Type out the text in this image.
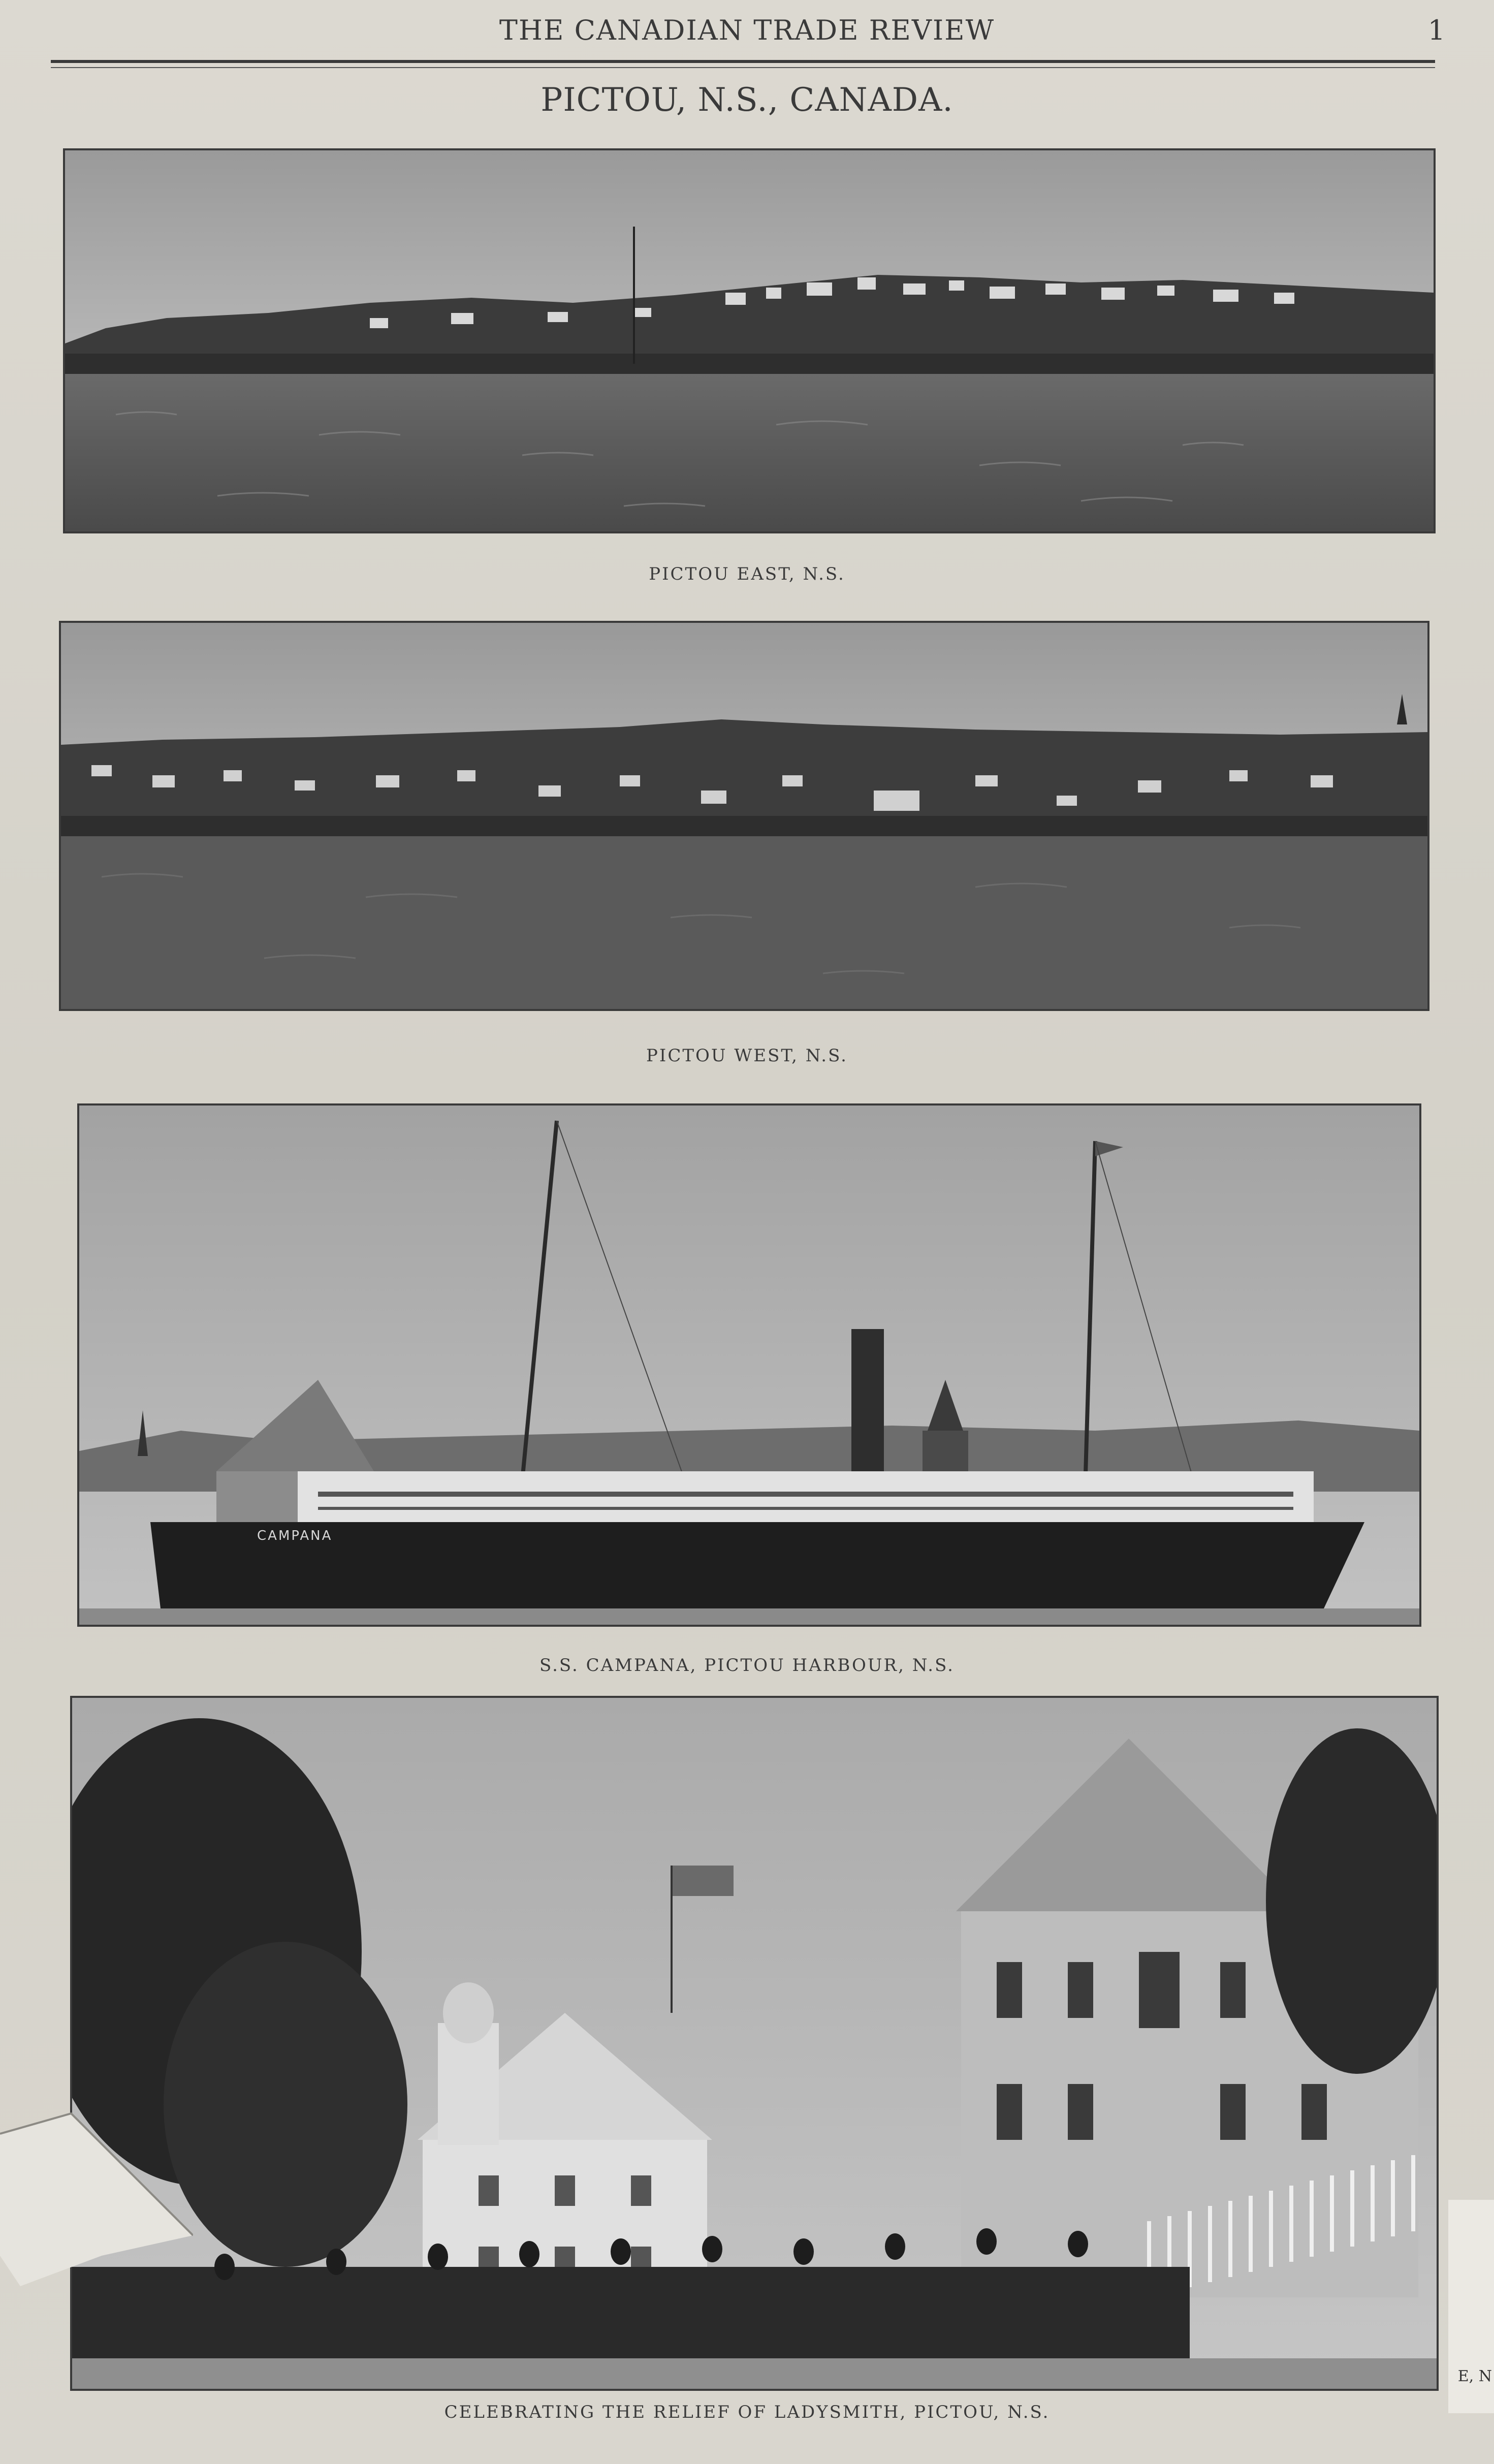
THE CANADIAN TRADE REVIEW	1
PICTOU, N.S., CANADA.
PICTOU EAST, N.S.
PICTOU WEST, N.S.
CAMPANA
S.S. CAMPANA, PICTOU HARBOUR, N.S.
CELEBRATING THE RELIEF OF LADYSMITH, PICTOU, N.S.
E, N
